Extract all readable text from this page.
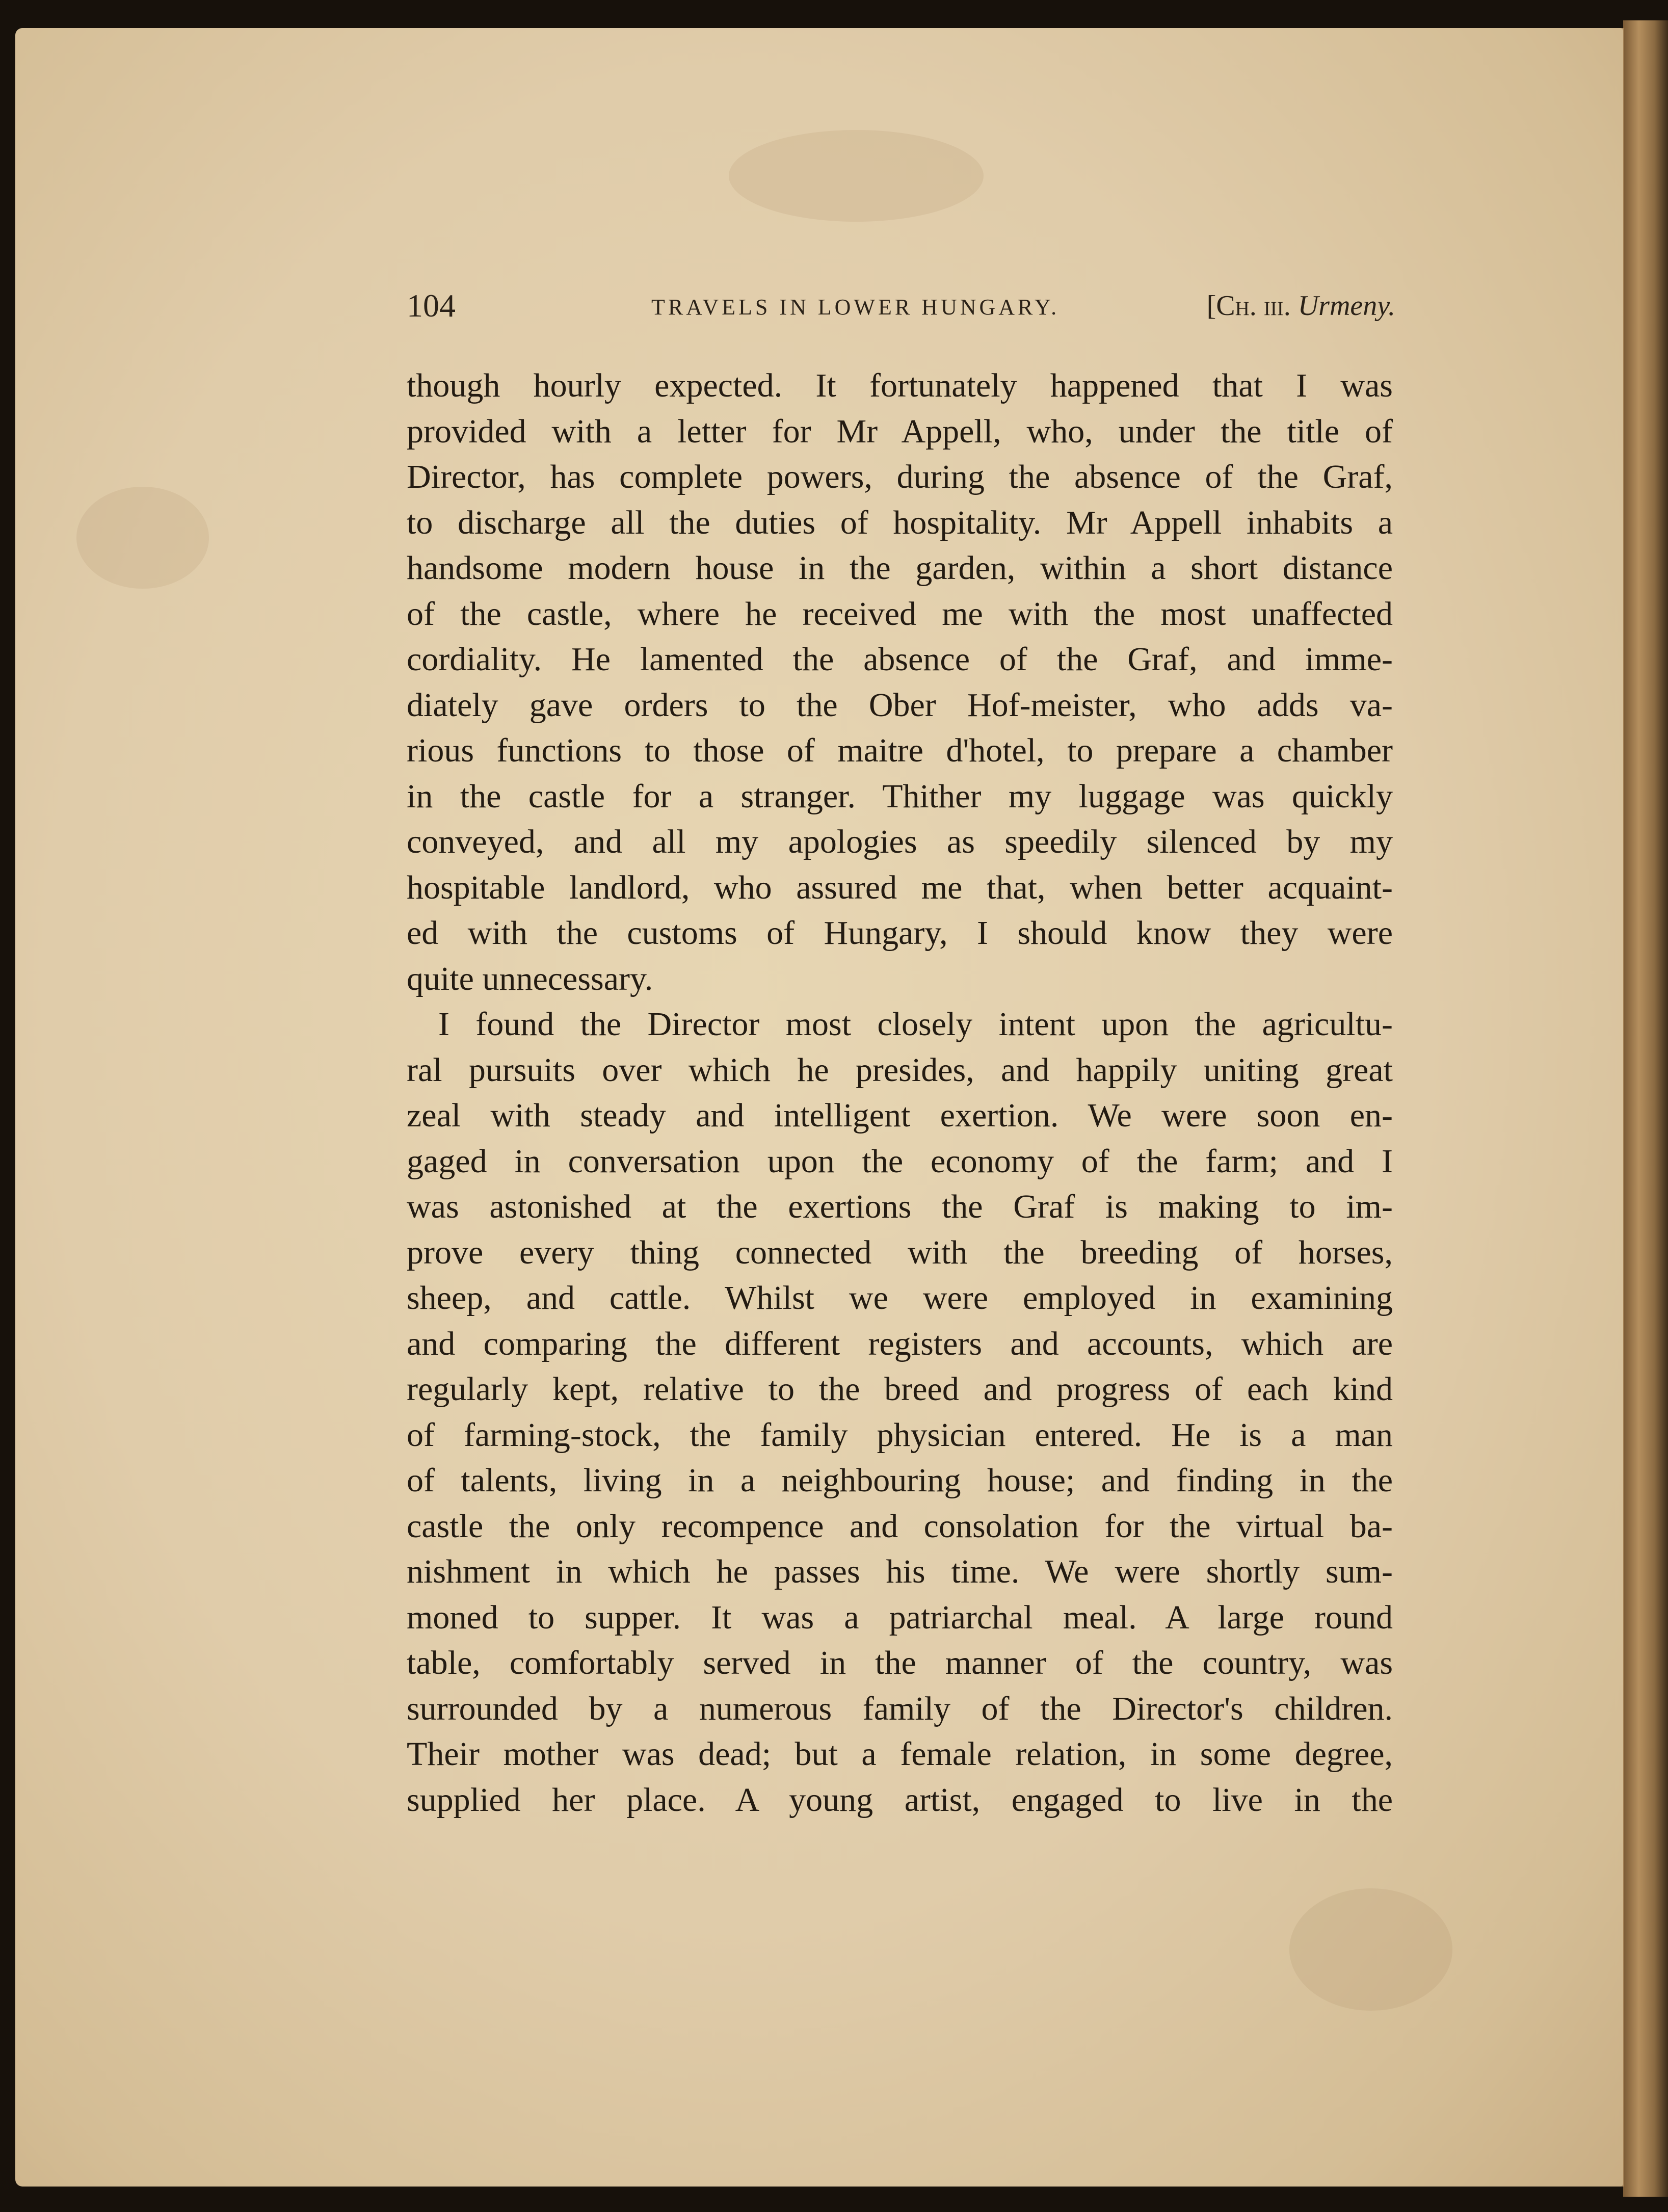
104	TRAVELS IN LOWER HUNGARY.	[Ch. iii. Urmeny.
though hourly expected. It fortunately happened that I was
provided with a letter for Mr Appell, who, under the title of
Director, has complete powers, during the absence of the Graf,
to discharge all the duties of hospitality. Mr Appell inhabits a
handsome modern house in the garden, within a short distance
of the castle, where he received me with the most unaffected
cordiality. He lamented the absence of the Graf, and imme-
diately gave orders to the Ober Hof-meister, who adds va-
rious functions to those of maitre d'hotel, to prepare a chamber
in the castle for a stranger. Thither my luggage was quickly
conveyed, and all my apologies as speedily silenced by my
hospitable landlord, who assured me that, when better acquaint-
ed with the customs of Hungary, I should know they were
quite unnecessary.
I found the Director most closely intent upon the agricultu-
ral pursuits over which he presides, and happily uniting great
zeal with steady and intelligent exertion. We were soon en-
gaged in conversation upon the economy of the farm; and I
was astonished at the exertions the Graf is making to im-
prove every thing connected with the breeding of horses,
sheep, and cattle. Whilst we were employed in examining
and comparing the different registers and accounts, which are
regularly kept, relative to the breed and progress of each kind
of farming-stock, the family physician entered. He is a man
of talents, living in a neighbouring house; and finding in the
castle the only recompence and consolation for the virtual ba-
nishment in which he passes his time. We were shortly sum-
moned to supper. It was a patriarchal meal. A large round
table, comfortably served in the manner of the country, was
surrounded by a numerous family of the Director's children.
Their mother was dead; but a female relation, in some degree,
supplied her place. A young artist, engaged to live in the
